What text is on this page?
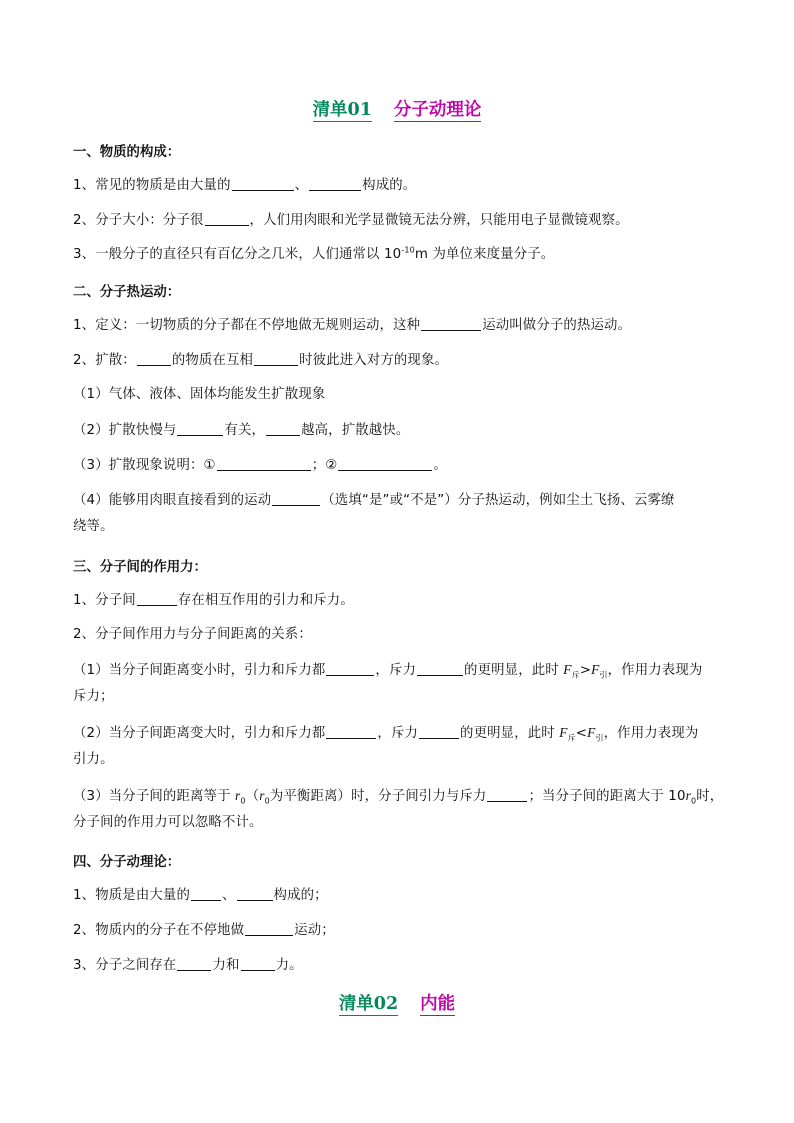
清单01 分子动理论
一、物质的构成：
1、常见的物质是由大量的	、	构成的。
2、分子大小：分子很	，人们用肉眼和光学显微镜无法分辨，只能用电子显微镜观察。
3、一般分子的直径只有百亿分之几米，人们通常以 $10^{-10}m$ 为单位来度量分子。
二、分子热运动：
1、定义：一切物质的分子都在不停地做无规则运动，这种	运动叫做分子的热运动。
2、扩散：	的物质在互相	时彼此进入对方的现象。
（1）气体、液体、固体均能发生扩散现象
（2）扩散快慢与	有关，	越高，扩散越快。
（3）扩散现象说明：①	；②	。
（4）能够用肉眼直接看到的运动	（选填“是”或“不是”）分子热运动，例如尘土飞扬、云雾缭
绕等。
三、分子间的作用力：
1、分子间	存在相互作用的引力和斥力。
2、分子间作用力与分子间距离的关系：
（1）当分子间距离变小时，引力和斥力都	，斥力	的更明显，此时 $F_斥>F_引$，作用力表现为
斥力；
（2）当分子间距离变大时，引力和斥力都	，斥力	的更明显，此时 $F_斥<F_引$，作用力表现为
引力。
（3）当分子间的距离等于 $r_0(r_0$为平衡距离）时，分子间引力与斥力	；当分子间的距离大于 $10r_0$时，
分子间的作用力可以忽略不计。
四、分子动理论：
1、物质是由大量的 、	构成的；
2、物质内的分子在不停地做	运动；
3、分子之间存在	力和	力。
清单02 内能
